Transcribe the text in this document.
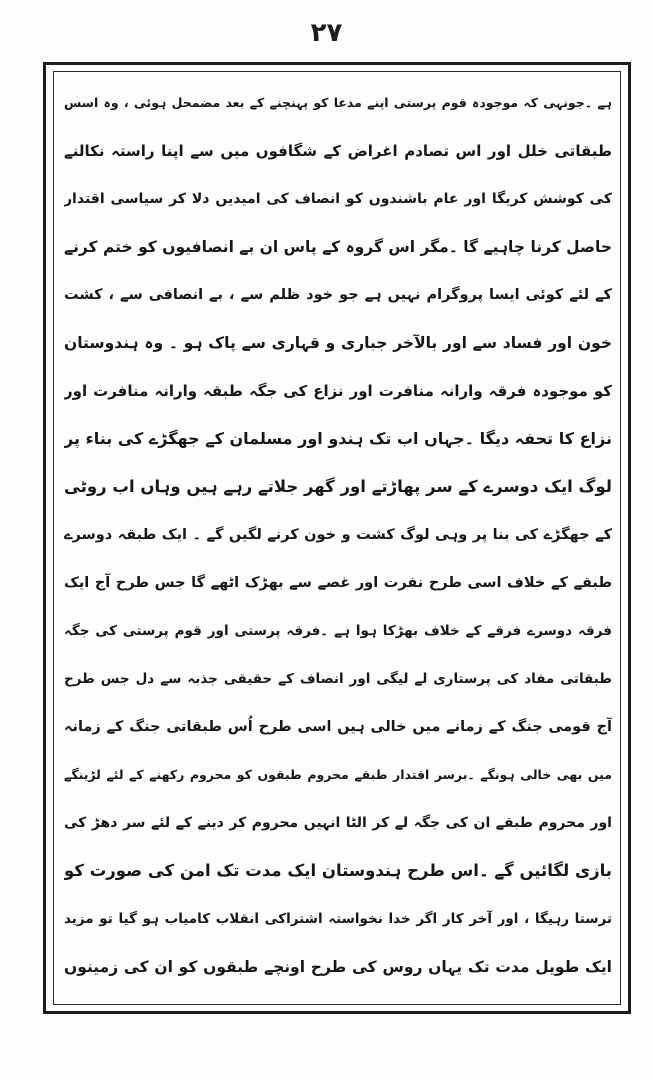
۲۷
ہے ۔جونہی کہ موجودہ قوم پرستی اپنے مدعا کو پہنچنے کے بعد مضمحل ہوئی ، وہ اسس
طبقاتی خلل اور اس تصادم اغراض کے شگافوں میں سے اپنا راستہ نکالنے
کی کوشش کریگا اور عام باشندوں کو انصاف کی امیدیں دلا کر سیاسی اقتدار
حاصل کرنا چاہیے گا ۔مگر اس گروہ کے پاس ان بے انصافیوں کو ختم کرنے
کے لئے کوئی ایسا پروگرام نہیں ہے جو خود ظلم سے ، بے انصافی سے ، کشت
خون اور فساد سے اور بالآخر جباری و قہاری سے پاک ہو ۔ وہ ہندوستان
کو موجودہ فرقہ وارانہ منافرت اور نزاع کی جگہ طبقہ وارانہ منافرت اور
نزاع کا تحفہ دیگا ۔جہاں اب تک ہندو اور مسلمان کے جھگڑے کی بناء پر
لوگ ایک دوسرے کے سر پھاڑتے اور گھر جلاتے رہے ہیں وہاں اب روٹی
کے جھگڑے کی بنا پر وہی لوگ کشت و خون کرنے لگیں گے ۔ ایک طبقہ دوسرے
طبقے کے خلاف اسی طرح نفرت اور غصے سے بھڑک اٹھے گا جس طرح آج ایک
فرقہ دوسرے فرقے کے خلاف بھڑکا ہوا ہے ۔فرقہ پرستی اور قوم پرستی کی جگہ
طبقاتی مفاد کی پرستاری لے لیگی اور انصاف کے حقیقی جذبہ سے دل جس طرح
آج قومی جنگ کے زمانے میں خالی ہیں اسی طرح اُس طبقاتی جنگ کے زمانہ
میں بھی خالی ہونگے ۔برسر اقتدار طبقے محروم طبقوں کو محروم رکھنے کے لئے لڑینگے
اور محروم طبقے ان کی جگہ لے کر الٹا انہیں محروم کر دینے کے لئے سر دھڑ کی
بازی لگائیں گے ۔اس طرح ہندوستان ایک مدت تک امن کی صورت کو
ترستا رہیگا ، اور آخر کار اگر خدا نخواستہ اشتراکی انقلاب کامیاب ہو گیا تو مزید
ایک طویل مدت تک یہاں روس کی طرح اونچے طبقوں کو ان کی زمینوں
